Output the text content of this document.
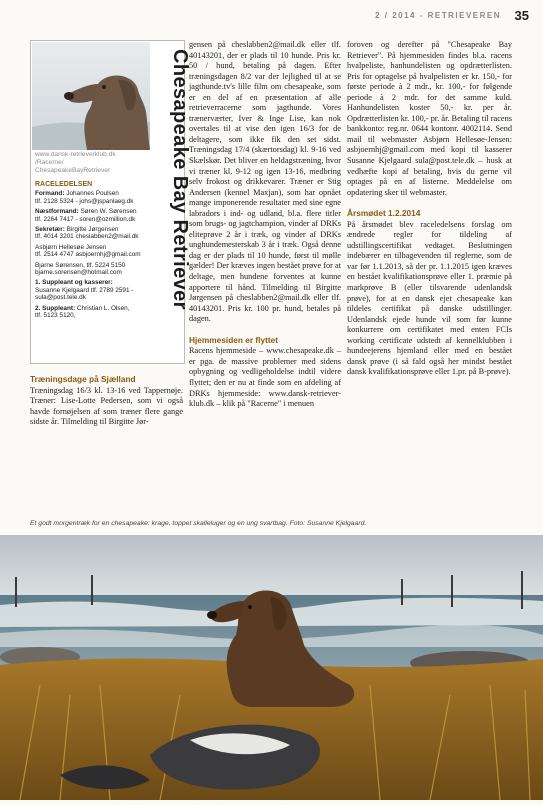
2 / 2014 - RETRIEVEREN 35
www.dansk-retrieverklub.dk
/Racerne/
ChesapeakeBayRetriever	Chesapeake Bay Retriever
RACELEDELSEN
Formand: Johannes Poulsen
tlf. 2128 5324 - johs@jspanlaeg.dk
Næstformand: Søren W. Sørensen
tlf. 2264 7417 - soren@ozmillion.dk
Sekretær: Birgitte Jørgensen
tlf. 4014 3201 cheslabben2@mail.dk
Asbjørn Hellesøe Jensen
tlf. 2514 4747 asbjoernhj@gmail.com
Bjarne Sørensen, tlf. 5224 5150
bjarne.sorensen@hotmail.com
1. Suppleant og kasserer:
Susanne Kjelgaard tlf. 2789 2591 - sula@post.tele.dk
2. Suppleant: Christian L. Olsen,
tlf. 5123 5120,
Træningsdage på Sjælland

Træningsdag 16/3 kl. 13-16 ved Tappernøje. Træner: Lise-Lotte Pedersen, som vi også havde fornøjelsen af som træner flere gange sidste år. Tilmelding til Birgitte Jør-

gensen på cheslabben2@mail.dk eller tlf. 40143201, der er plads til 10 hunde. Pris kr. 50 / hund, betaling på dagen. Efter træningsdagen 8/2 var der lejlighed til at se jagthunde.tv's lille film om chesapeake, som er en del af en præsentation af alle retrieverracerne som jagthunde. Vores trænerværter, Iver & Inge Lise, kan nok overtales til at vise den igen 16/3 for de deltagere, som ikke fik den set sidst. Træningsdag 17/4 (skærtorsdag) kl. 9-16 ved Skælskør. Det bliver en heldagstræning, hvor vi træner kl. 9-12 og igen 13-16, medbring selv frokost og drikkevarer. Træner er Stig Andersen (kennel Maxjan), som har opnået mange imponerende resultater med sine egne labradors i ind- og udland, bl.a. flere titler som brugs- og jagtchampion, vinder af DRKs eliteprøve 2 år i træk, og vinder af DRKs unghundemesterskab 3 år i træk. Også denne dag er der plads til 10 hunde, først til mølle gælder! Der kræves ingen bestået prøve for at deltage, men hundene forventes at kunne apportere til hånd. Tilmelding til Birgitte Jørgensen på cheslabben2@mail.dk eller tlf. 40143201. Pris kr. 100 pr. hund, betales på dagen.

Hjemmesiden er flyttet

Racens hjemmeside – www.chesapeake.dk – er pga. de massive problemer med sidens opbygning og vedligeholdelse indtil videre flyttet; den er nu at finde som en afdeling af DRKs hjemmeside: www.dansk-retriever-klub.dk – klik på "Racerne" i menuen

foroven og derefter på "Chesapeake Bay Retriever". På hjemmesiden findes bl.a. racens hvalpeliste, hanhundelisten og opdrætterlisten. Pris for optagelse på hvalpelisten er kr. 150,- for første periode à 2 mdr., kr. 100,- for følgende periode à 2 mdr. for det samme kuld. Hanhundelisten koster 50,- kr. per år. Opdrætterlisten kr. 100,- pr. år. Betaling til racens bankkonto: reg.nr. 0644 kontonr. 4002114. Send mail til webmaster Asbjørn Hellesøe-Jensen: asbjoernhj@gmail.com med kopi til kasserer Susanne Kjelgaard sula@post.tele.dk – husk at vedhæfte kopi af betaling, hvis du gerne vil optages på en af listerne. Meddelelse om opdatering sker til webmaster.

Årsmødet 1.2.2014

På årsmødet blev raceledelsens forslag om ændrede regler for tildeling af udstillingscertifikat vedtaget. Beslutningen indebærer en tilbagevenden til reglerne, som de var før 1.1.2013, så der pr. 1.1.2015 igen kræves en bestået kvalifikationsprøve eller 1. præmie på markprøve B (eller tilsvarende udenlandsk prøve), for at en dansk ejet chesapeake kan tildeles certifikat på danske udstillinger. Udenlandsk ejede hunde vil som før kunne konkurrere om certifikatet med enten FCIs working certificate udstedt af kennelklubben i hundeejerens hjemland eller med en bestået dansk prøve (i så fald også her mindst bestået dansk kvalifikationsprøve eller 1.pr. på B-prøve).

Et godt morgentræk for en chesapeake: krage, toppet skalleluger og en ung svartbag. Foto: Susanne Kjelgaard.
